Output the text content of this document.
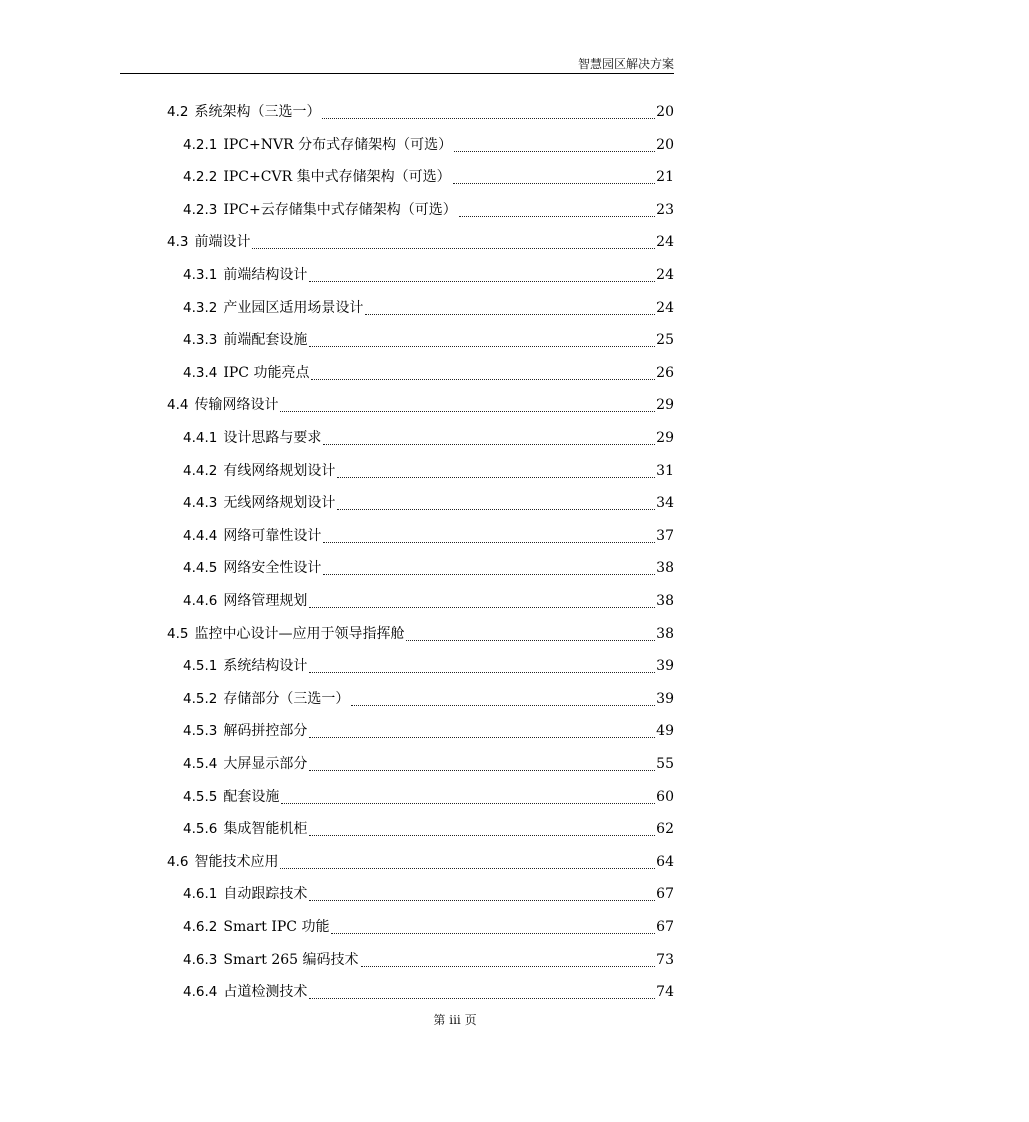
智慧园区解决方案
4.2 系统架构（三选一）	20
4.2.1 IPC+NVR 分布式存储架构（可选）	20
4.2.2 IPC+CVR 集中式存储架构（可选）	21
4.2.3 IPC+云存储集中式存储架构（可选）	23
4.3 前端设计	24
4.3.1 前端结构设计	24
4.3.2 产业园区适用场景设计	24
4.3.3 前端配套设施	25
4.3.4 IPC 功能亮点	26
4.4 传输网络设计	29
4.4.1 设计思路与要求	29
4.4.2 有线网络规划设计	31
4.4.3 无线网络规划设计	34
4.4.4 网络可靠性设计	37
4.4.5 网络安全性设计	38
4.4.6 网络管理规划	38
4.5 监控中心设计—应用于领导指挥舱	38
4.5.1 系统结构设计	39
4.5.2 存储部分（三选一）	39
4.5.3 解码拼控部分	49
4.5.4 大屏显示部分	55
4.5.5 配套设施	60
4.5.6 集成智能机柜	62
4.6 智能技术应用	64
4.6.1 自动跟踪技术	67
4.6.2 Smart IPC 功能	67
4.6.3 Smart 265 编码技术	73
4.6.4 占道检测技术	74
第 iii 页
